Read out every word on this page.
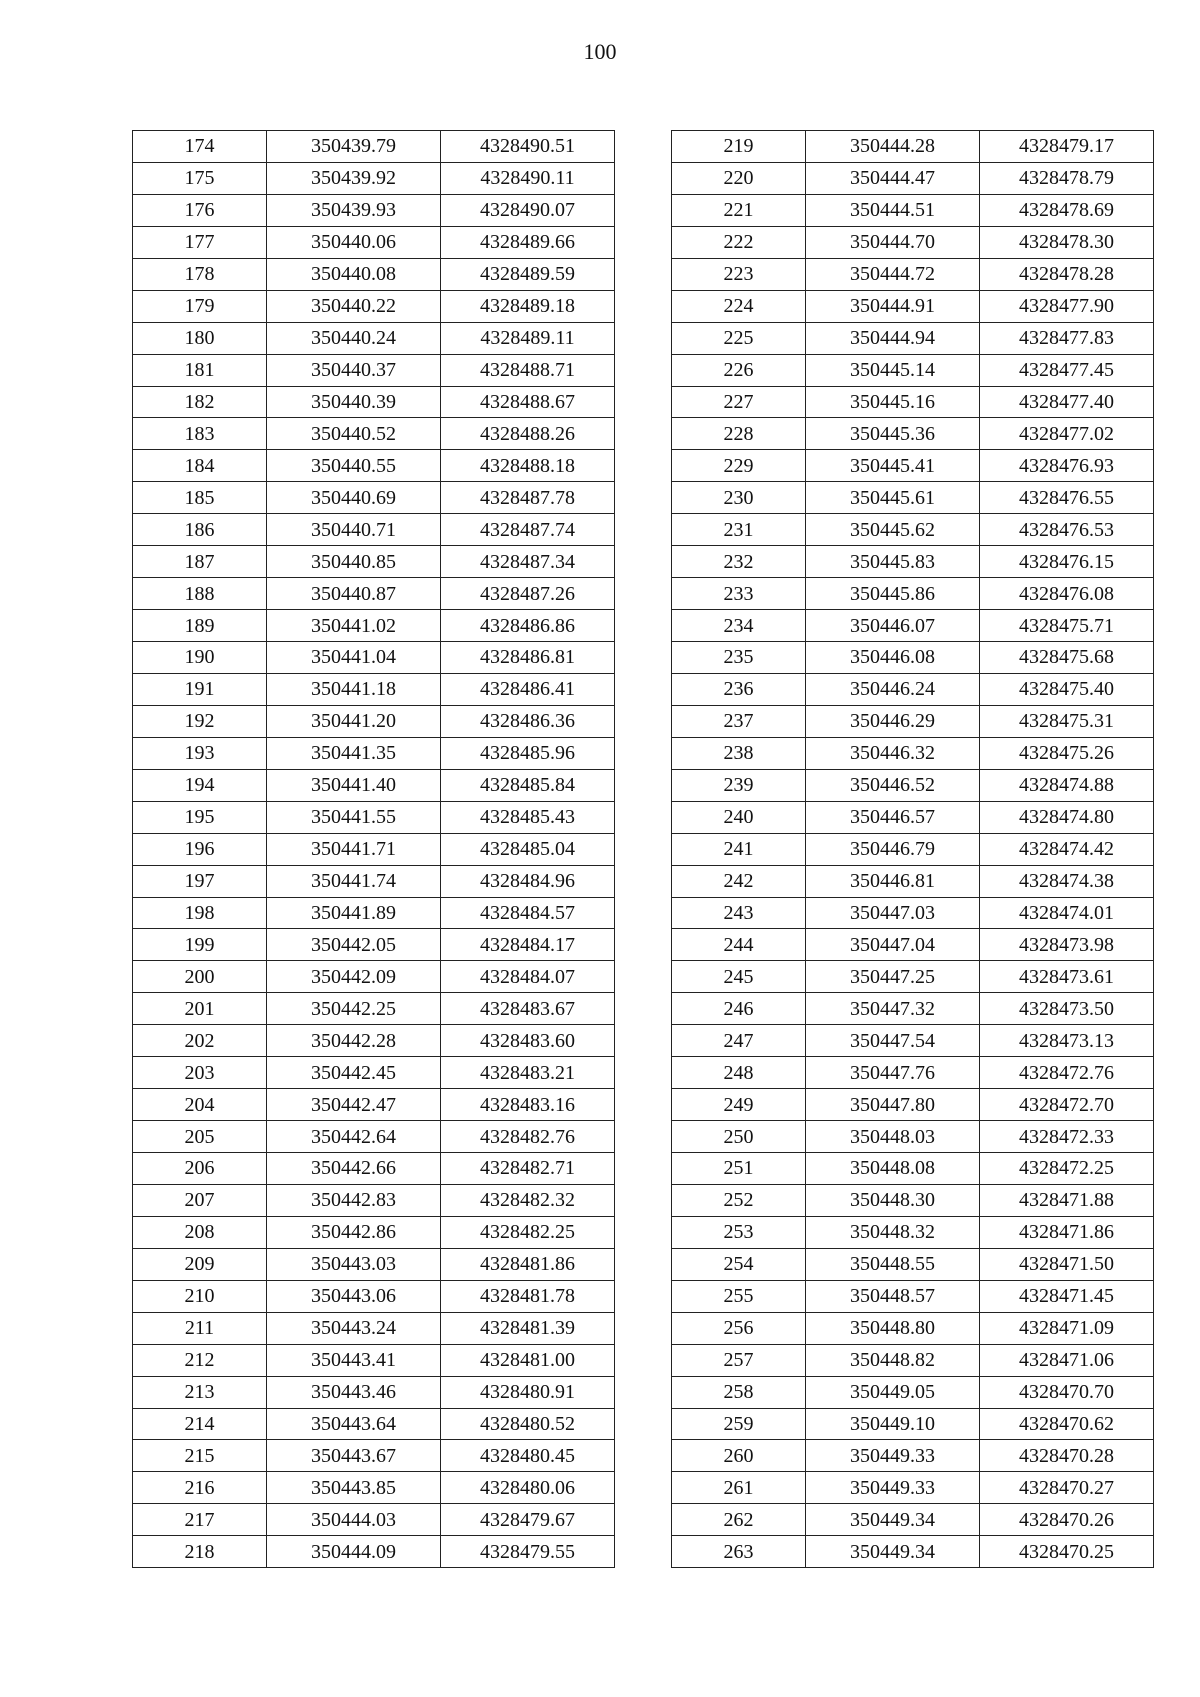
100
174	350439.79	4328490.51
175	350439.92	4328490.11
176	350439.93	4328490.07
177	350440.06	4328489.66
178	350440.08	4328489.59
179	350440.22	4328489.18
180	350440.24	4328489.11
181	350440.37	4328488.71
182	350440.39	4328488.67
183	350440.52	4328488.26
184	350440.55	4328488.18
185	350440.69	4328487.78
186	350440.71	4328487.74
187	350440.85	4328487.34
188	350440.87	4328487.26
189	350441.02	4328486.86
190	350441.04	4328486.81
191	350441.18	4328486.41
192	350441.20	4328486.36
193	350441.35	4328485.96
194	350441.40	4328485.84
195	350441.55	4328485.43
196	350441.71	4328485.04
197	350441.74	4328484.96
198	350441.89	4328484.57
199	350442.05	4328484.17
200	350442.09	4328484.07
201	350442.25	4328483.67
202	350442.28	4328483.60
203	350442.45	4328483.21
204	350442.47	4328483.16
205	350442.64	4328482.76
206	350442.66	4328482.71
207	350442.83	4328482.32
208	350442.86	4328482.25
209	350443.03	4328481.86
210	350443.06	4328481.78
211	350443.24	4328481.39
212	350443.41	4328481.00
213	350443.46	4328480.91
214	350443.64	4328480.52
215	350443.67	4328480.45
216	350443.85	4328480.06
217	350444.03	4328479.67
218	350444.09	4328479.55
219	350444.28	4328479.17
220	350444.47	4328478.79
221	350444.51	4328478.69
222	350444.70	4328478.30
223	350444.72	4328478.28
224	350444.91	4328477.90
225	350444.94	4328477.83
226	350445.14	4328477.45
227	350445.16	4328477.40
228	350445.36	4328477.02
229	350445.41	4328476.93
230	350445.61	4328476.55
231	350445.62	4328476.53
232	350445.83	4328476.15
233	350445.86	4328476.08
234	350446.07	4328475.71
235	350446.08	4328475.68
236	350446.24	4328475.40
237	350446.29	4328475.31
238	350446.32	4328475.26
239	350446.52	4328474.88
240	350446.57	4328474.80
241	350446.79	4328474.42
242	350446.81	4328474.38
243	350447.03	4328474.01
244	350447.04	4328473.98
245	350447.25	4328473.61
246	350447.32	4328473.50
247	350447.54	4328473.13
248	350447.76	4328472.76
249	350447.80	4328472.70
250	350448.03	4328472.33
251	350448.08	4328472.25
252	350448.30	4328471.88
253	350448.32	4328471.86
254	350448.55	4328471.50
255	350448.57	4328471.45
256	350448.80	4328471.09
257	350448.82	4328471.06
258	350449.05	4328470.70
259	350449.10	4328470.62
260	350449.33	4328470.28
261	350449.33	4328470.27
262	350449.34	4328470.26
263	350449.34	4328470.25
